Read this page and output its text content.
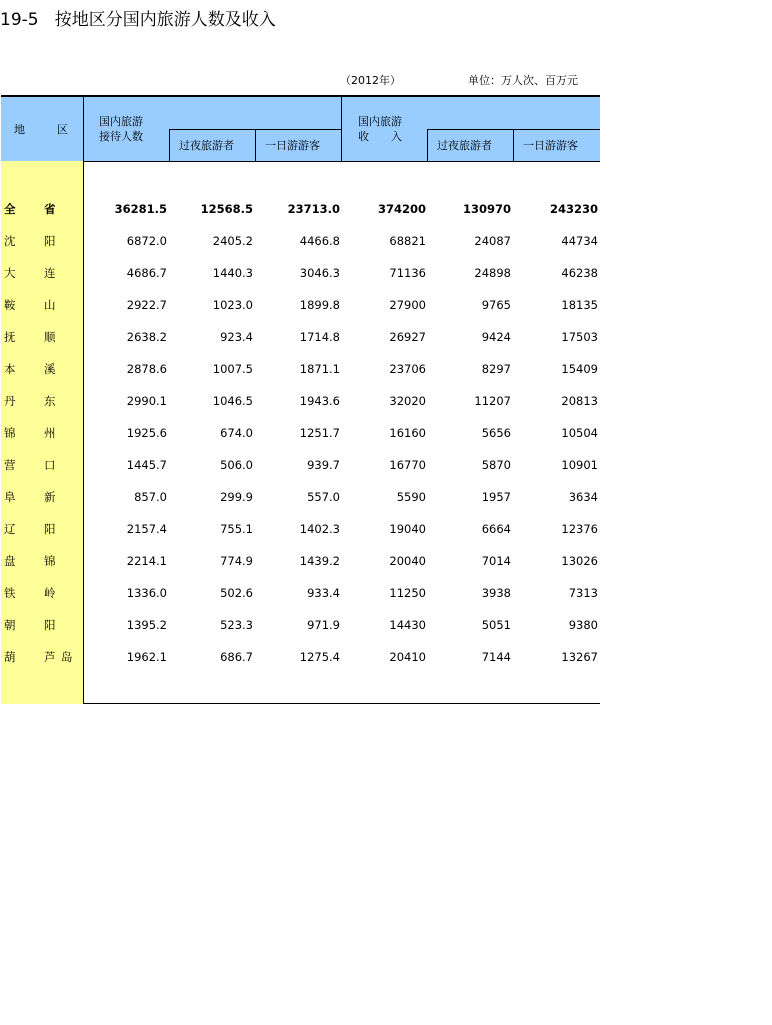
19-5   按地区分国内旅游人数及收入
（2012年）	单位：万人次、百万元
地	区
国内旅游
接待人数
过夜旅游者	一日游游客
国内旅游
收　　入
过夜旅游者	一日游游客
全 省	36281.5	12568.5	23713.0	374200	130970	243230
沈 阳	6872.0	2405.2	4466.8	68821	24087	44734
大 连	4686.7	1440.3	3046.3	71136	24898	46238
鞍 山	2922.7	1023.0	1899.8	27900	9765	18135
抚 顺	2638.2	923.4	1714.8	26927	9424	17503
本 溪	2878.6	1007.5	1871.1	23706	8297	15409
丹 东	2990.1	1046.5	1943.6	32020	11207	20813
锦 州	1925.6	674.0	1251.7	16160	5656	10504
营 口	1445.7	506.0	939.7	16770	5870	10901
阜 新	857.0	299.9	557.0	5590	1957	3634
辽 阳	2157.4	755.1	1402.3	19040	6664	12376
盘 锦	2214.1	774.9	1439.2	20040	7014	13026
铁 岭	1336.0	502.6	933.4	11250	3938	7313
朝 阳	1395.2	523.3	971.9	14430	5051	9380
葫 芦 岛	1962.1	686.7	1275.4	20410	7144	13267
